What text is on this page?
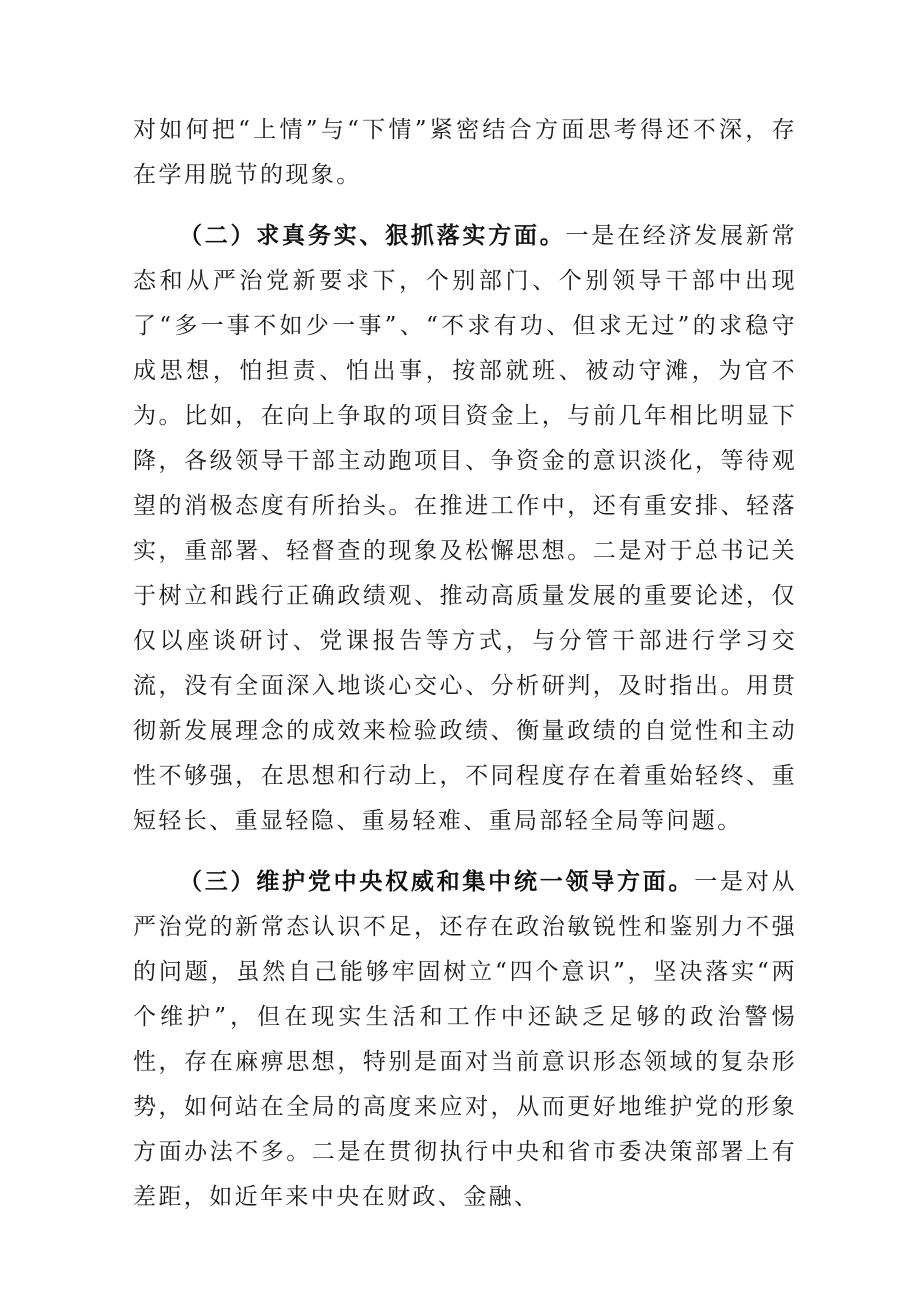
对如何把“上情”与“下情”紧密结合方面思考得还不深，存在学用脱节的现象。

（二）求真务实、狠抓落实方面。一是在经济发展新常态和从严治党新要求下，个别部门、个别领导干部中出现了“多一事不如少一事”、“不求有功、但求无过”的求稳守成思想，怕担责、怕出事，按部就班、被动守滩，为官不为。比如，在向上争取的项目资金上，与前几年相比明显下降，各级领导干部主动跑项目、争资金的意识淡化，等待观望的消极态度有所抬头。在推进工作中，还有重安排、轻落实，重部署、轻督查的现象及松懈思想。二是对于总书记关于树立和践行正确政绩观、推动高质量发展的重要论述，仅仅以座谈研讨、党课报告等方式，与分管干部进行学习交流，没有全面深入地谈心交心、分析研判，及时指出。用贯彻新发展理念的成效来检验政绩、衡量政绩的自觉性和主动性不够强，在思想和行动上，不同程度存在着重始轻终、重短轻长、重显轻隐、重易轻难、重局部轻全局等问题。

（三）维护党中央权威和集中统一领导方面。一是对从严治党的新常态认识不足，还存在政治敏锐性和鉴别力不强的问题，虽然自己能够牢固树立“四个意识”，坚决落实“两个维护”，但在现实生活和工作中还缺乏足够的政治警惕性，存在麻痹思想，特别是面对当前意识形态领域的复杂形势，如何站在全局的高度来应对，从而更好地维护党的形象方面办法不多。二是在贯彻执行中央和省市委决策部署上有差距，如近年来中央在财政、金融、
